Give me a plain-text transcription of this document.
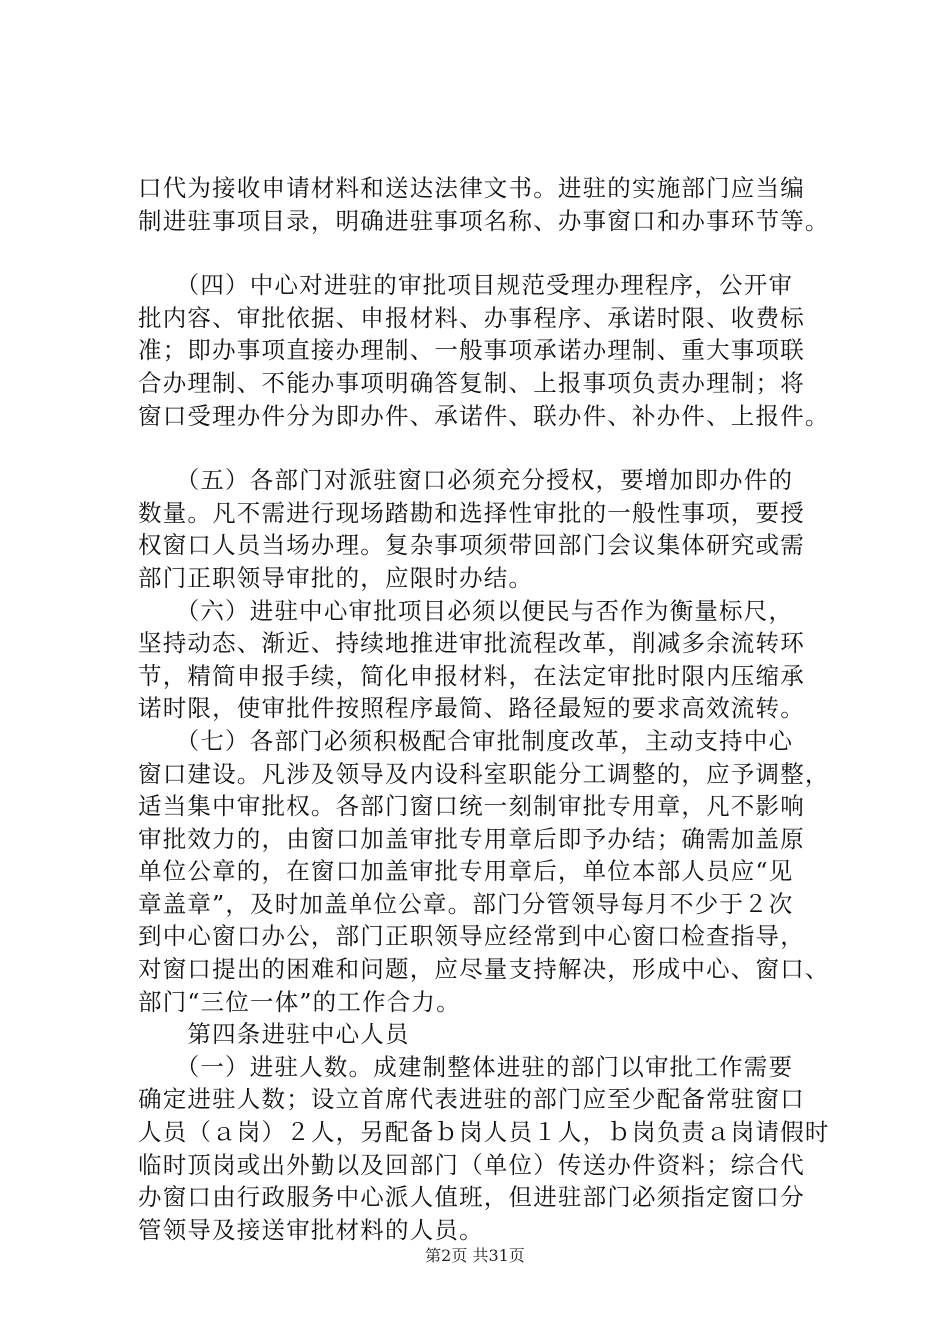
口代为接收申请材料和送达法律文书。进驻的实施部门应当编
制进驻事项目录，明确进驻事项名称、办事窗口和办事环节等。

　　（四）中心对进驻的审批项目规范受理办理程序，公开审
批内容、审批依据、申报材料、办事程序、承诺时限、收费标
准；即办事项直接办理制、一般事项承诺办理制、重大事项联
合办理制、不能办事项明确答复制、上报事项负责办理制；将
窗口受理办件分为即办件、承诺件、联办件、补办件、上报件。

　　（五）各部门对派驻窗口必须充分授权，要增加即办件的
数量。凡不需进行现场踏勘和选择性审批的一般性事项，要授
权窗口人员当场办理。复杂事项须带回部门会议集体研究或需
部门正职领导审批的，应限时办结。

　　（六）进驻中心审批项目必须以便民与否作为衡量标尺，
坚持动态、渐近、持续地推进审批流程改革，削减多余流转环
节，精简申报手续，简化申报材料，在法定审批时限内压缩承
诺时限，使审批件按照程序最简、路径最短的要求高效流转。

　　（七）各部门必须积极配合审批制度改革，主动支持中心
窗口建设。凡涉及领导及内设科室职能分工调整的，应予调整，
适当集中审批权。各部门窗口统一刻制审批专用章，凡不影响
审批效力的，由窗口加盖审批专用章后即予办结；确需加盖原
单位公章的，在窗口加盖审批专用章后，单位本部人员应“见
章盖章”，及时加盖单位公章。部门分管领导每月不少于２次
到中心窗口办公，部门正职领导应经常到中心窗口检查指导，
对窗口提出的困难和问题，应尽量支持解决，形成中心、窗口、
部门“三位一体”的工作合力。

　　第四条进驻中心人员

　　（一）进驻人数。成建制整体进驻的部门以审批工作需要
确定进驻人数；设立首席代表进驻的部门应至少配备常驻窗口
人员（ａ岗）２人，另配备ｂ岗人员１人，ｂ岗负责ａ岗请假时
临时顶岗或出外勤以及回部门（单位）传送办件资料；综合代
办窗口由行政服务中心派人值班，但进驻部门必须指定窗口分
管领导及接送审批材料的人员。

第2页 共31页
